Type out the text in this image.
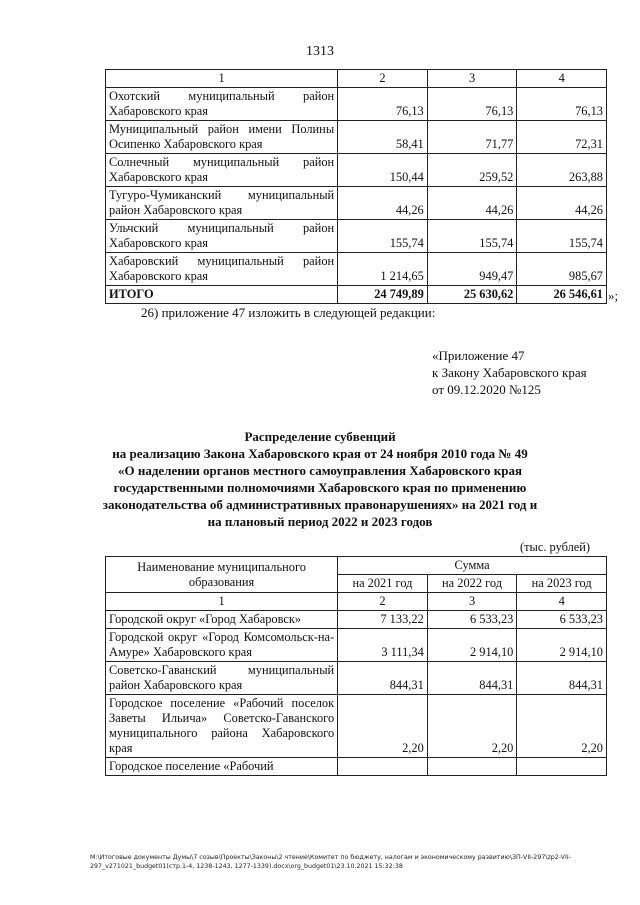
1313
1	2	3	4
Охотский муниципальный район Хабаровского края	76,13	76,13	76,13
Муниципальный район имени Полины Осипенко Хабаровского края	58,41	71,77	72,31
Солнечный муниципальный район Хабаровского края	150,44	259,52	263,88
Тугуро-Чумиканский муниципальный район Хабаровского края	44,26	44,26	44,26
Ульчский муниципальный район Хабаровского края	155,74	155,74	155,74
Хабаровский муниципальный район Хабаровского края	1 214,65	949,47	985,67
ИТОГО	24 749,89	25 630,62	26 546,61 »;
26) приложение 47 изложить в следующей редакции:
«Приложение 47
к Закону Хабаровского края
от 09.12.2020 №125
Распределение субвенций
на реализацию Закона Хабаровского края от 24 ноября 2010 года № 49
«О наделении органов местного самоуправления Хабаровского края
государственными полномочиями Хабаровского края по применению
законодательства об административных правонарушениях» на 2021 год и
на плановый период 2022 и 2023 годов
(тыс. рублей)
Наименование муниципального образования	Сумма		
	на 2021 год	на 2022 год	на 2023 год
1	2	3	4
Городской округ «Город Хабаровск»	7 133,22	6 533,23	6 533,23
Городской округ «Город Комсомольск-на-Амуре» Хабаровского края	3 111,34	2 914,10	2 914,10
Советско-Гаванский муниципальный район Хабаровского края	844,31	844,31	844,31
Городское поселение «Рабочий поселок Заветы Ильича» Советско-Гаванского муниципального района Хабаровского края	2,20	2,20	2,20
Городское поселение «Рабочий			
М:\Итоговые документы Думы\7 созыв\Проекты\Законы\2 чтение\Комитет по бюджету, налогам и экономическому развитию\ЗП-VII-297\zp2-VII-297_v271021_budget01(стр.1-4, 1238-1243, 1277-1339).docx\org_budget01\23.10.2021 15:32:38
